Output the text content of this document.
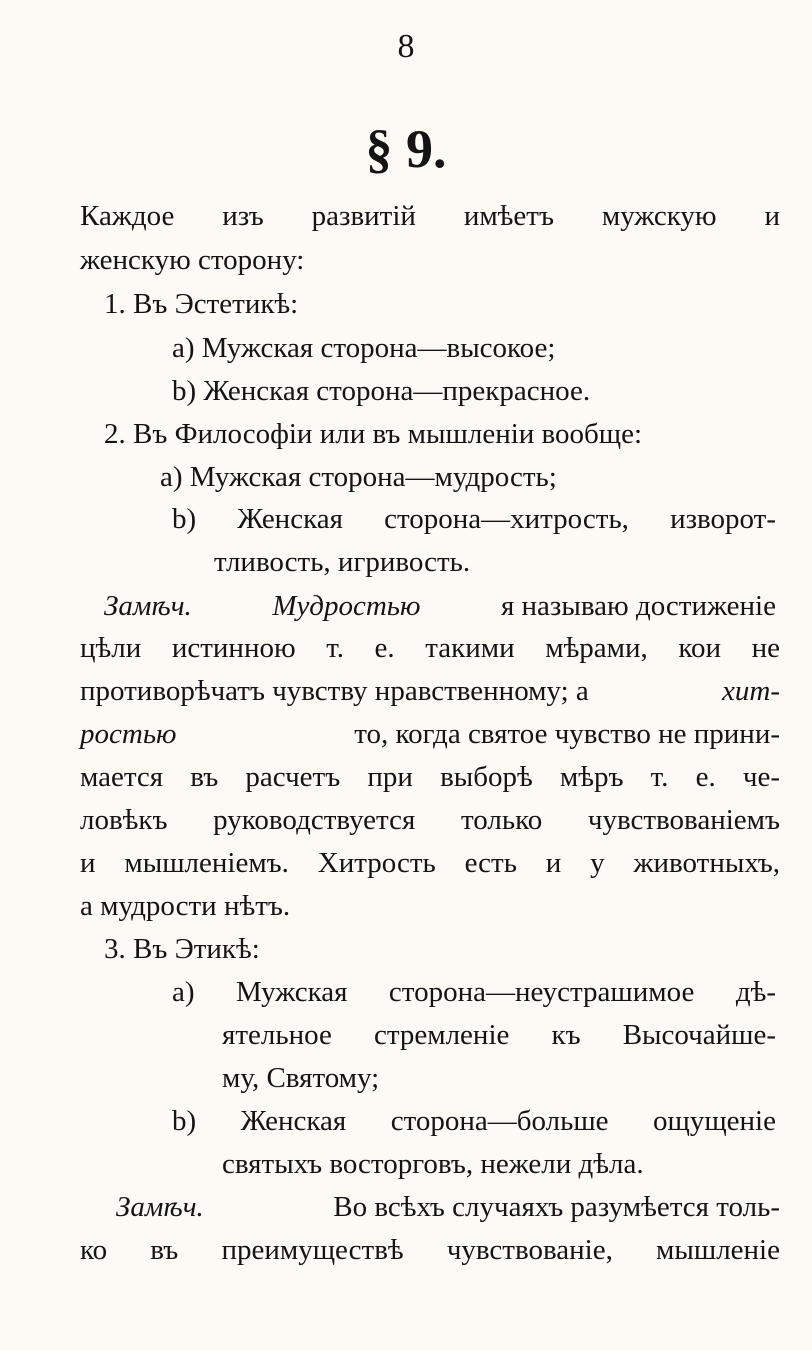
8
§ 9.
Каждое изъ развитій имѣетъ мужскую и
женскую сторону:
1. Въ Эстетикѣ:
а) Мужская сторона—высокое;
b) Женская сторона—прекрасное.
2. Въ Философіи или въ мышленіи вообще:
а) Мужская сторона—мудрость;
b) Женская сторона—хитрость, изворот-
тливость, игривость.
Замѣч.	Мудростью	я называю достиженіе
цѣли истинною т. е. такими мѣрами, кои не
противорѣчатъ чувству нравственному; а	хит-
ростью	то, когда святое чувство не прини-
мается въ расчетъ при выборѣ мѣръ т. е. че-
ловѣкъ руководствуется только чувствованіемъ
и мышленіемъ. Хитрость есть и у животныхъ,
а мудрости нѣтъ.
3. Въ Этикѣ:
а) Мужская сторона—неустрашимое дѣ-
ятельное стремленіе къ Высочайше-
му, Святому;
b) Женская сторона—больше ощущеніе
святыхъ восторговъ, нежели дѣла.
Замѣч.	Во всѣхъ случаяхъ разумѣется толь-
ко въ преимуществѣ чувствованіе, мышленіе
